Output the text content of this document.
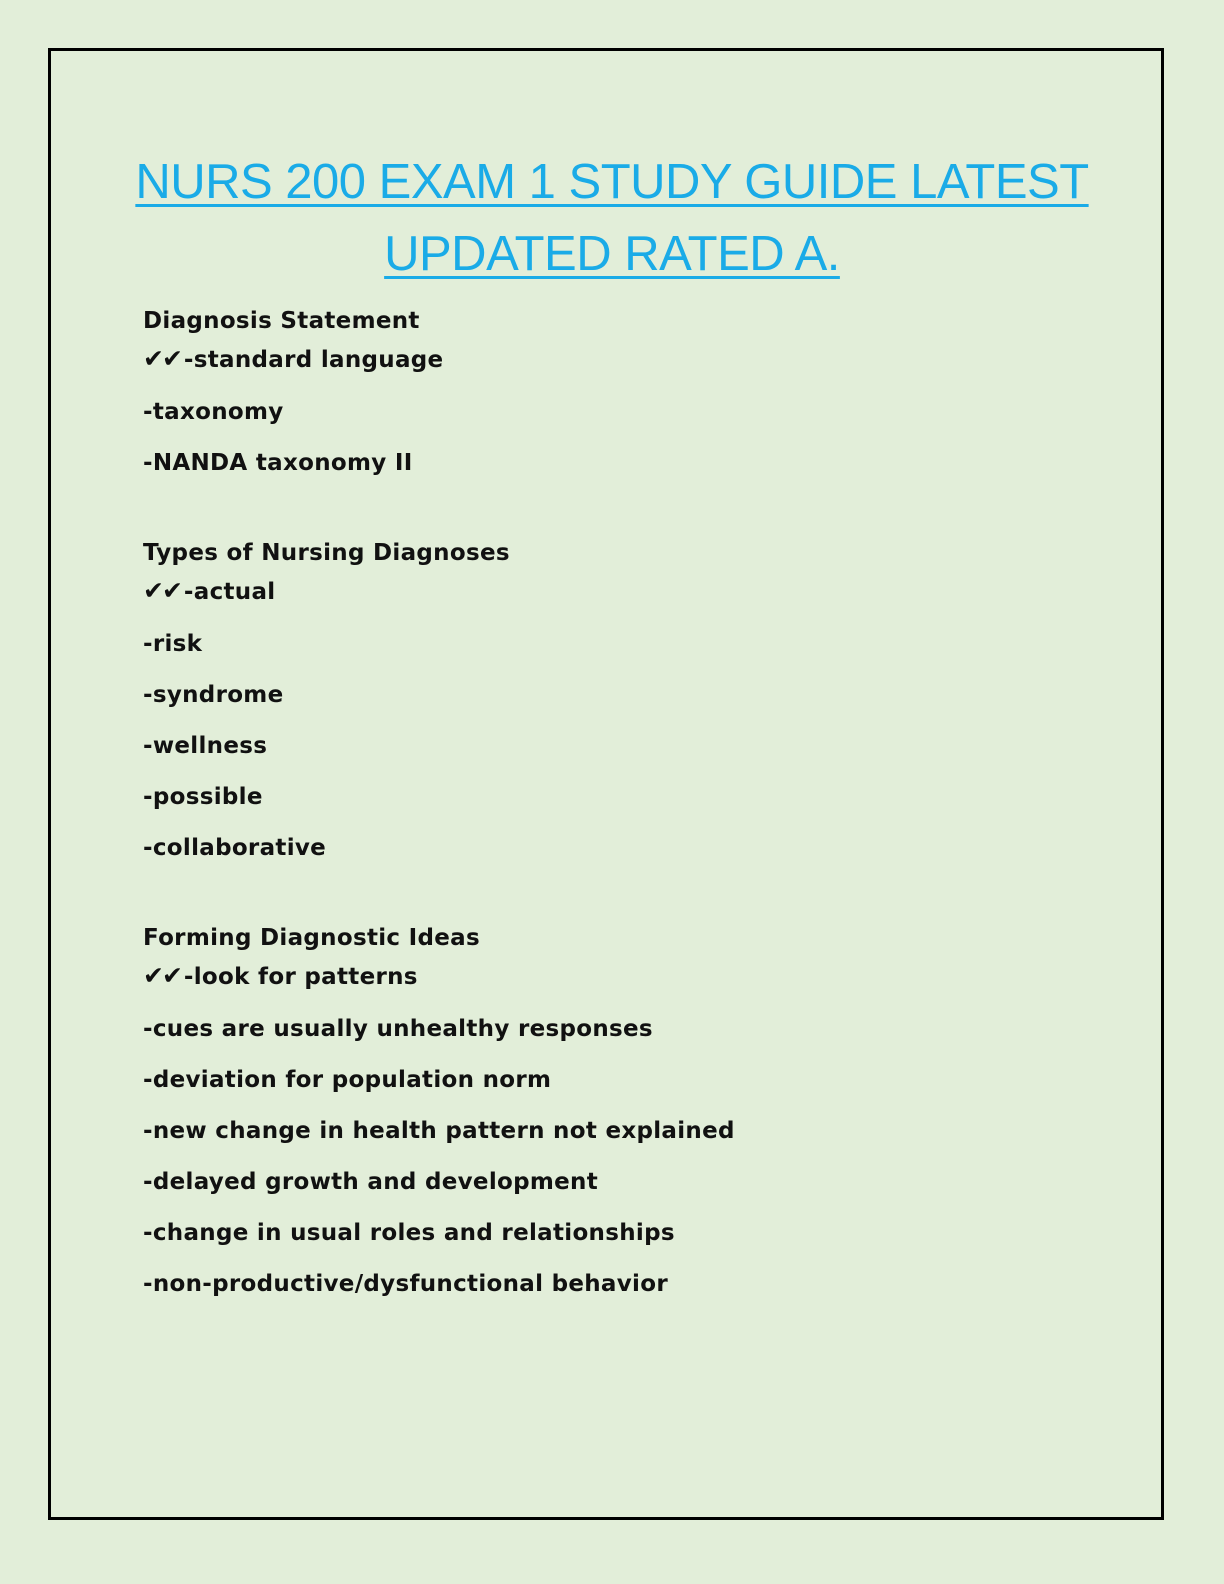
NURS 200 EXAM 1 STUDY GUIDE LATEST
UPDATED RATED A.
Diagnosis Statement
✔✔ -standard language
-taxonomy
-NANDA taxonomy II
Types of Nursing Diagnoses
✔✔ -actual
-risk
-syndrome
-wellness
-possible
-collaborative
Forming Diagnostic Ideas
✔✔ -look for patterns
-cues are usually unhealthy responses
-deviation for population norm
-new change in health pattern not explained
-delayed growth and development
-change in usual roles and relationships
-non-productive/dysfunctional behavior
